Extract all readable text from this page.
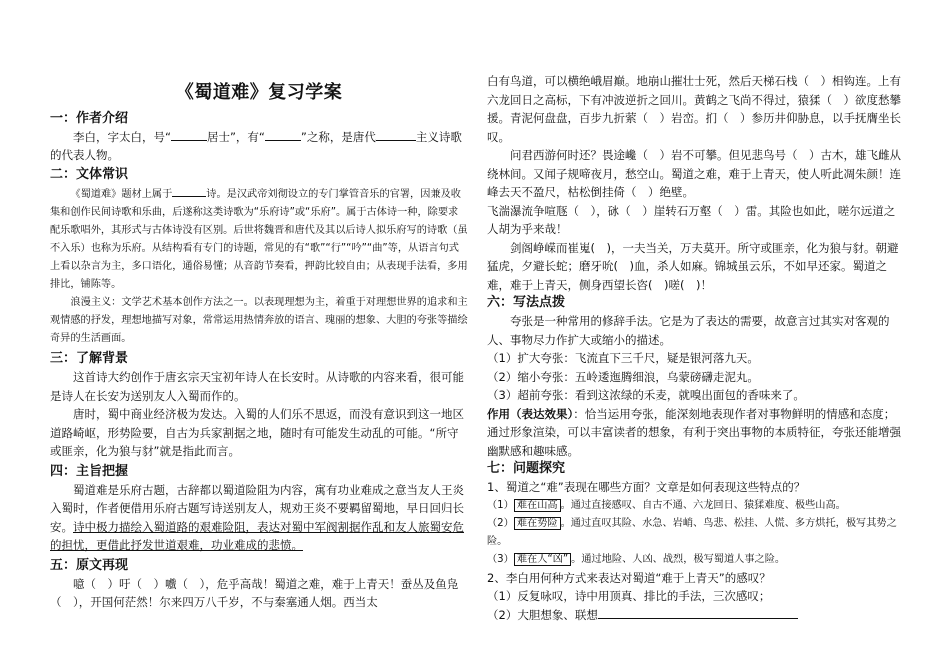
《蜀道难》复习学案
一：作者介绍
李白，字太白，号“	居士”，有“	”之称，是唐代	主义诗歌的代表人物。
二：文体常识
《蜀道难》题材上属于	诗。是汉武帝刘彻设立的专门掌管音乐的官署，因兼及收集和创作民间诗歌和乐曲，后遂称这类诗歌为“乐府诗”或“乐府”。属于古体诗一种，除要求配乐歌唱外，其形式与古体诗没有区别。后世将魏晋和唐代及其以后诗人拟乐府写的诗歌（虽不入乐）也称为乐府。从结构看有专门的诗题，常见的有“歌”“行”“吟”“曲”等，从语言句式上看以杂言为主，多口语化，通俗易懂；从音韵节奏看，押韵比较自由；从表现手法看，多用排比，铺陈等。
浪漫主义：文学艺术基本创作方法之一。以表现理想为主，着重于对理想世界的追求和主观情感的抒发，理想地描写对象，常常运用热情奔放的语言、瑰丽的想象、大胆的夸张等描绘奇异的生活画面。
三：了解背景
这首诗大约创作于唐玄宗天宝初年诗人在长安时。从诗歌的内容来看，很可能是诗人在长安为送别友人入蜀而作的。
唐时，蜀中商业经济极为发达。入蜀的人们乐不思返，而没有意识到这一地区道路崎岖，形势险要，自古为兵家割据之地，随时有可能发生动乱的可能。“所守或匪亲，化为狼与豺”就是指此而言。
四：主旨把握
蜀道难是乐府古题，古辞都以蜀道险阻为内容，寓有功业难成之意当友人王炎入蜀时，作者便借用乐府古题写诗送别友人，规劝王炎不要羁留蜀地，早日回归长安。诗中极力描绘入蜀道路的艰难险阻，表达对蜀中军阀割据作乱和友人旅蜀安危的担忧，更借此抒发世道艰难，功业难成的悲愤。
五：原文再现
噫（　）吁（　）嚱（　），危乎高哉！蜀道之难，难于上青天！蚕丛及鱼凫（　），开国何茫然！尔来四万八千岁，不与秦塞通人烟。西当太
白有鸟道，可以横绝峨眉巅。地崩山摧壮士死，然后天梯石栈（　）相钩连。上有六龙回日之高标，下有冲波逆折之回川。黄鹤之飞尚不得过，猿猱（　）欲度愁攀援。青泥何盘盘，百步九折萦（　）岩峦。扪（　）参历井仰胁息，以手抚膺坐长叹。
问君西游何时还？畏途巉（　）岩不可攀。但见悲鸟号（　）古木，雄飞雌从绕林间。又闻子规啼夜月，愁空山。蜀道之难，难于上青天，使人听此凋朱颜！连峰去天不盈尺，枯松倒挂倚（　）绝壁。
飞湍瀑流争喧豗（　），砯（　）崖转石万壑（　）雷。其险也如此，嗟尔远道之人胡为乎来哉！
剑阁峥嵘而崔嵬(　)，一夫当关，万夫莫开。所守或匪亲，化为狼与豺。朝避猛虎，夕避长蛇；磨牙吮(　)血，杀人如麻。锦城虽云乐，不如早还家。蜀道之难，难于上青天，侧身西望长咨(　)嗟(　)！
六：写法点拨
夸张是一种常用的修辞手法。它是为了表达的需要，故意言过其实对客观的人、事物尽力作扩大或缩小的描述。
（1）扩大夸张：飞流直下三千尺，疑是银河落九天。
（2）缩小夸张：五岭逶迤腾细浪，乌蒙磅礴走泥丸。
（3）超前夸张：看到这浓绿的禾麦，就嗅出面包的香味来了。
作用（表达效果）：恰当运用夸张，能深刻地表现作者对事物鲜明的情感和态度；通过形象渲染，可以丰富读者的想象，有利于突出事物的本质特征，夸张还能增强幽默感和趣味感。
七：问题探究
1、蜀道之“难”表现在哪些方面？文章是如何表现这些特点的？
（1） 难在山高 。通过直接感叹、自古不通、六龙回日、猿猱难度、极些山高。
（2） 难在势险 。通过直叹其险、水急、岩峭、鸟悲、松挂、人慌、多方烘托，极写其势之险。
（3） 难在人“凶” 。通过地险、人凶、战烈，极写蜀道人事之险。
2、李白用何种方式来表达对蜀道“难于上青天”的感叹？
（1）反复咏叹，诗中用顶真、排比的手法，三次感叹；
（2）大胆想象、联想
